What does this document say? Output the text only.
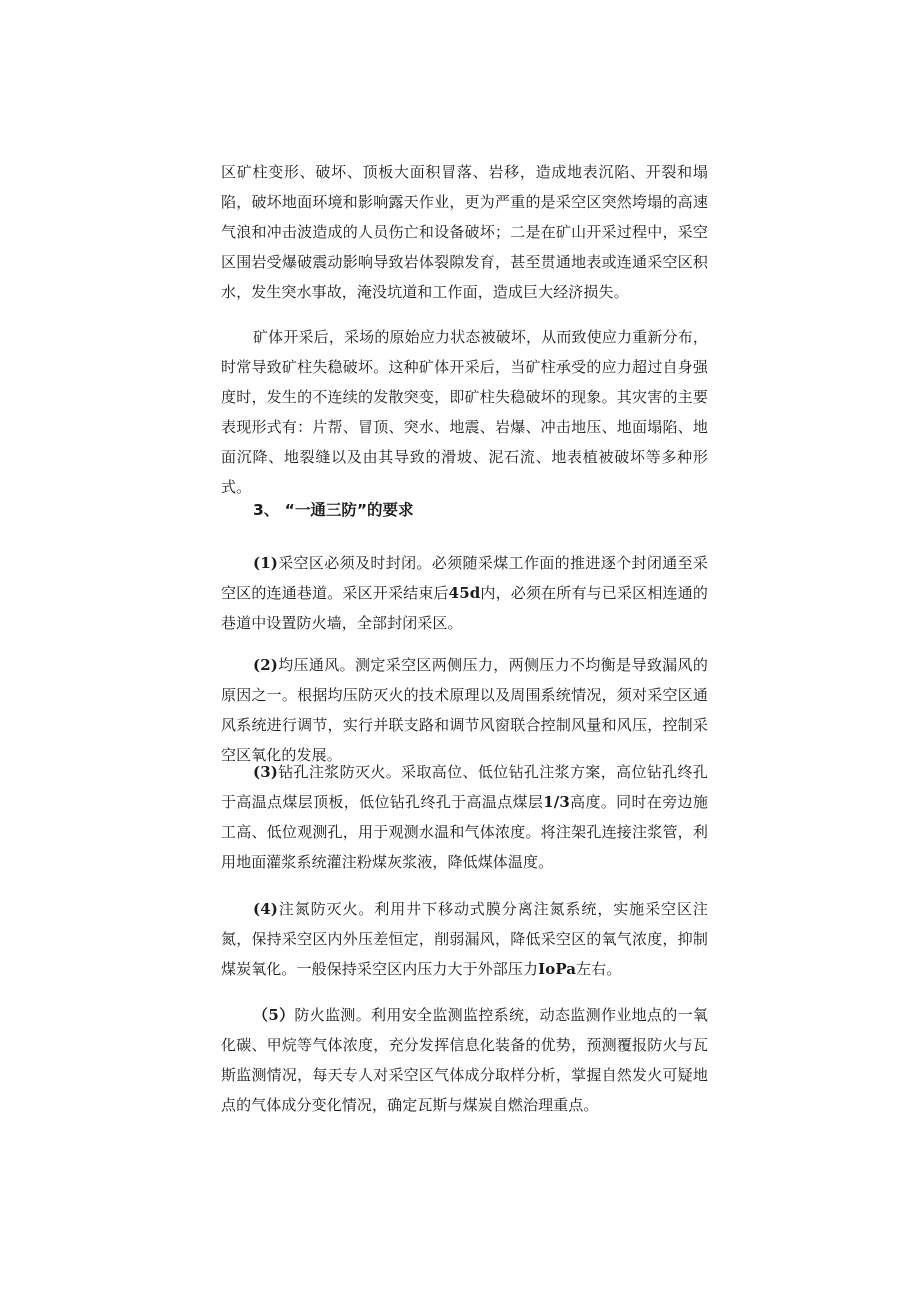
区矿柱变形、破坏、顶板大面积冒落、岩移，造成地表沉陷、开裂和塌陷，破坏地面环境和影响露天作业，更为严重的是采空区突然垮塌的高速气浪和冲击波造成的人员伤亡和设备破坏；二是在矿山开采过程中，采空区围岩受爆破震动影响导致岩体裂隙发育，甚至贯通地表或连通采空区积水，发生突水事故，淹没坑道和工作面，造成巨大经济损失。

矿体开采后，采场的原始应力状态被破坏，从而致使应力重新分布，时常导致矿柱失稳破坏。这种矿体开采后，当矿柱承受的应力超过自身强度时，发生的不连续的发散突变，即矿柱失稳破坏的现象。其灾害的主要表现形式有：片帮、冒顶、突水、地震、岩爆、冲击地压、地面塌陷、地面沉降、地裂缝以及由其导致的滑坡、泥石流、地表植被破坏等多种形式。

3、 “一通三防”的要求

(1)采空区必须及时封闭。必须随采煤工作面的推进逐个封闭通至采空区的连通巷道。采区开采结束后45d内，必须在所有与已采区相连通的巷道中设置防火墙，全部封闭采区。

(2)均压通风。测定采空区两侧压力，两侧压力不均衡是导致漏风的原因之一。根据均压防灭火的技术原理以及周围系统情况，须对采空区通风系统进行调节，实行并联支路和调节风窗联合控制风量和风压，控制采空区氧化的发展。

(3)钻孔注浆防灭火。采取高位、低位钻孔注浆方案，高位钻孔终孔于高温点煤层顶板，低位钻孔终孔于高温点煤层1/3高度。同时在旁边施工高、低位观测孔，用于观测水温和气体浓度。将注架孔连接注浆管，利用地面灌浆系统灌注粉煤灰浆液，降低煤体温度。

(4)注氮防灭火。利用井下移动式膜分离注氮系统，实施采空区注氮，保持采空区内外压差恒定，削弱漏风，降低采空区的氧气浓度，抑制煤炭氧化。一般保持采空区内压力大于外部压力IoPa左右。

（5）防火监测。利用安全监测监控系统，动态监测作业地点的一氧化碳、甲烷等气体浓度，充分发挥信息化装备的优势，预测覆报防火与瓦斯监测情况，每天专人对采空区气体成分取样分析，掌握自然发火可疑地点的气体成分变化情况，确定瓦斯与煤炭自燃治理重点。
